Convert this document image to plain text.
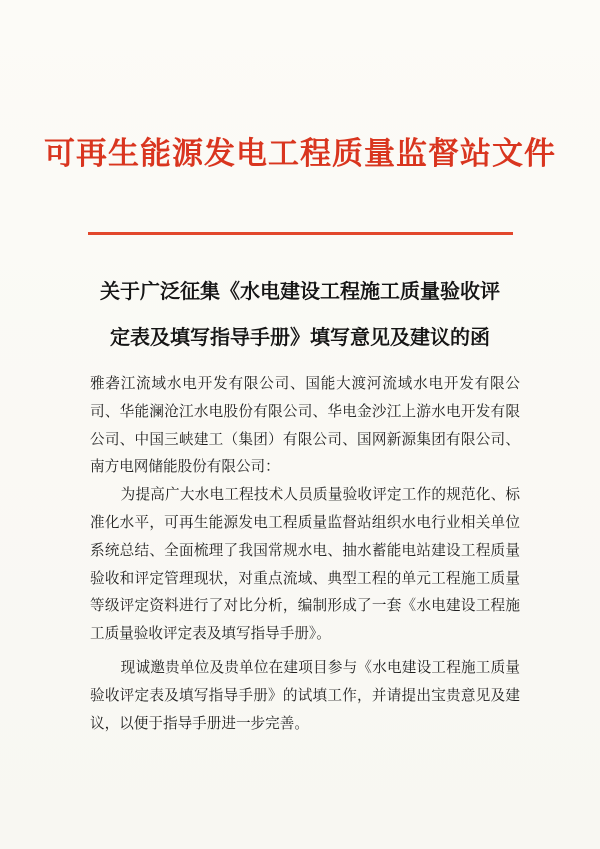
可再生能源发电工程质量监督站文件
关于广泛征集《水电建设工程施工质量验收评
定表及填写指导手册》填写意见及建议的函

雅砻江流域水电开发有限公司、国能大渡河流域水电开发有限公司、华能澜沧江水电股份有限公司、华电金沙江上游水电开发有限公司、中国三峡建工（集团）有限公司、国网新源集团有限公司、南方电网储能股份有限公司：

为提高广大水电工程技术人员质量验收评定工作的规范化、标准化水平，可再生能源发电工程质量监督站组织水电行业相关单位系统总结、全面梳理了我国常规水电、抽水蓄能电站建设工程质量验收和评定管理现状，对重点流域、典型工程的单元工程施工质量等级评定资料进行了对比分析，编制形成了一套《水电建设工程施工质量验收评定表及填写指导手册》。

现诚邀贵单位及贵单位在建项目参与《水电建设工程施工质量验收评定表及填写指导手册》的试填工作，并请提出宝贵意见及建议，以便于指导手册进一步完善。
